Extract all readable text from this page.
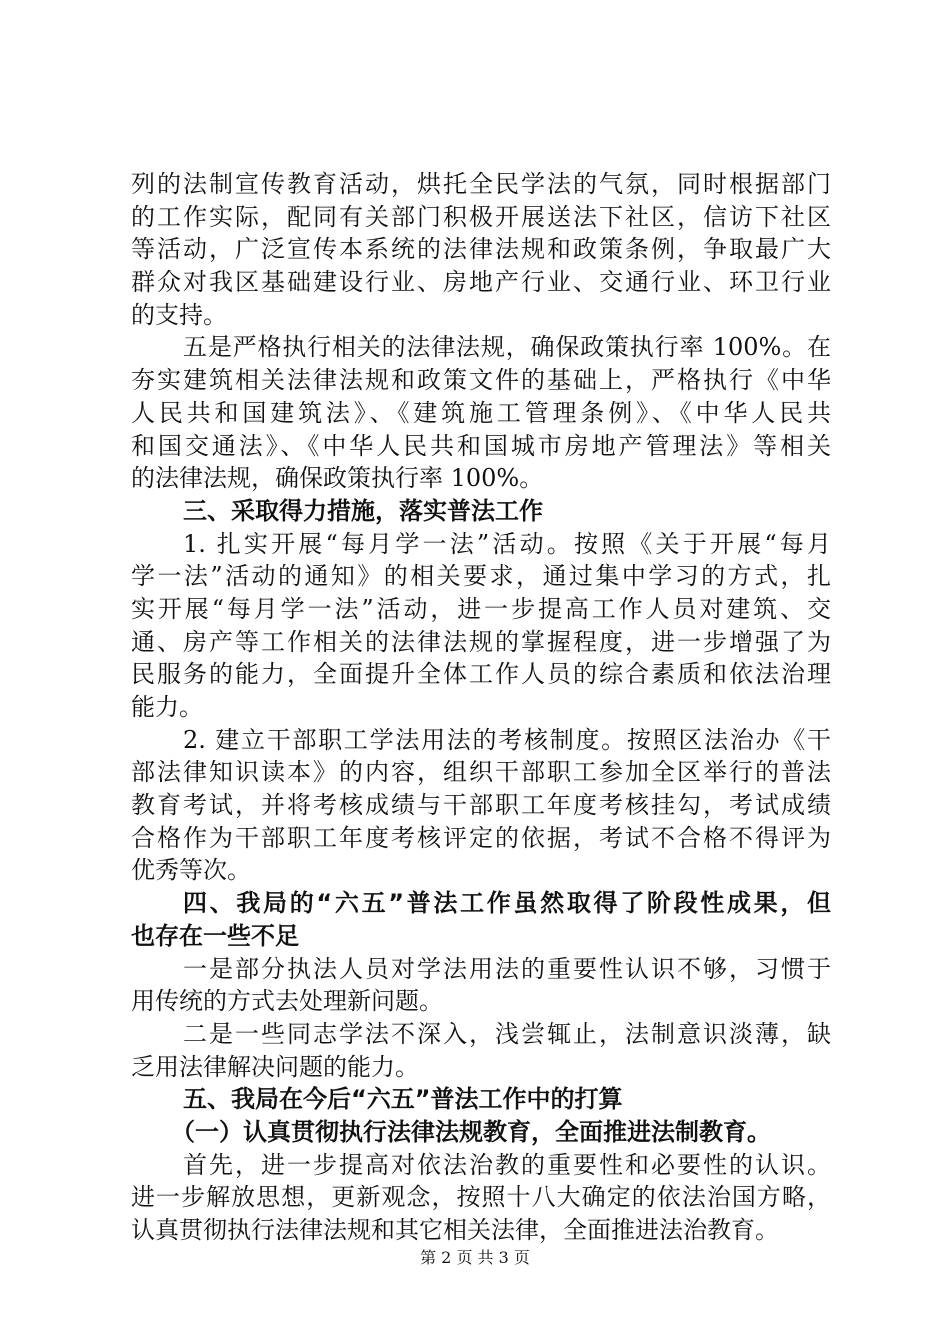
列的法制宣传教育活动，烘托全民学法的气氛，同时根据部门
的工作实际，配同有关部门积极开展送法下社区，信访下社区
等活动，广泛宣传本系统的法律法规和政策条例，争取最广大
群众对我区基础建设行业、房地产行业、交通行业、环卫行业
的支持。
五是严格执行相关的法律法规，确保政策执行率 100%。在
夯实建筑相关法律法规和政策文件的基础上，严格执行《中华
人民共和国建筑法》、《建筑施工管理条例》、《中华人民共
和国交通法》、《中华人民共和国城市房地产管理法》等相关
的法律法规，确保政策执行率 100%。
三、采取得力措施，落实普法工作
1. 扎实开展“每月学一法”活动。按照《关于开展“每月
学一法”活动的通知》的相关要求，通过集中学习的方式，扎
实开展“每月学一法”活动，进一步提高工作人员对建筑、交
通、房产等工作相关的法律法规的掌握程度，进一步增强了为
民服务的能力，全面提升全体工作人员的综合素质和依法治理
能力。
2. 建立干部职工学法用法的考核制度。按照区法治办《干
部法律知识读本》的内容，组织干部职工参加全区举行的普法
教育考试，并将考核成绩与干部职工年度考核挂勾，考试成绩
合格作为干部职工年度考核评定的依据，考试不合格不得评为
优秀等次。
四、我局的“六五”普法工作虽然取得了阶段性成果，但
也存在一些不足
一是部分执法人员对学法用法的重要性认识不够，习惯于
用传统的方式去处理新问题。
二是一些同志学法不深入，浅尝辄止，法制意识淡薄，缺
乏用法律解决问题的能力。
五、我局在今后“六五”普法工作中的打算
（一）认真贯彻执行法律法规教育，全面推进法制教育。
首先，进一步提高对依法治教的重要性和必要性的认识。
进一步解放思想，更新观念，按照十八大确定的依法治国方略，
认真贯彻执行法律法规和其它相关法律，全面推进法治教育。
第 2 页 共 3 页
